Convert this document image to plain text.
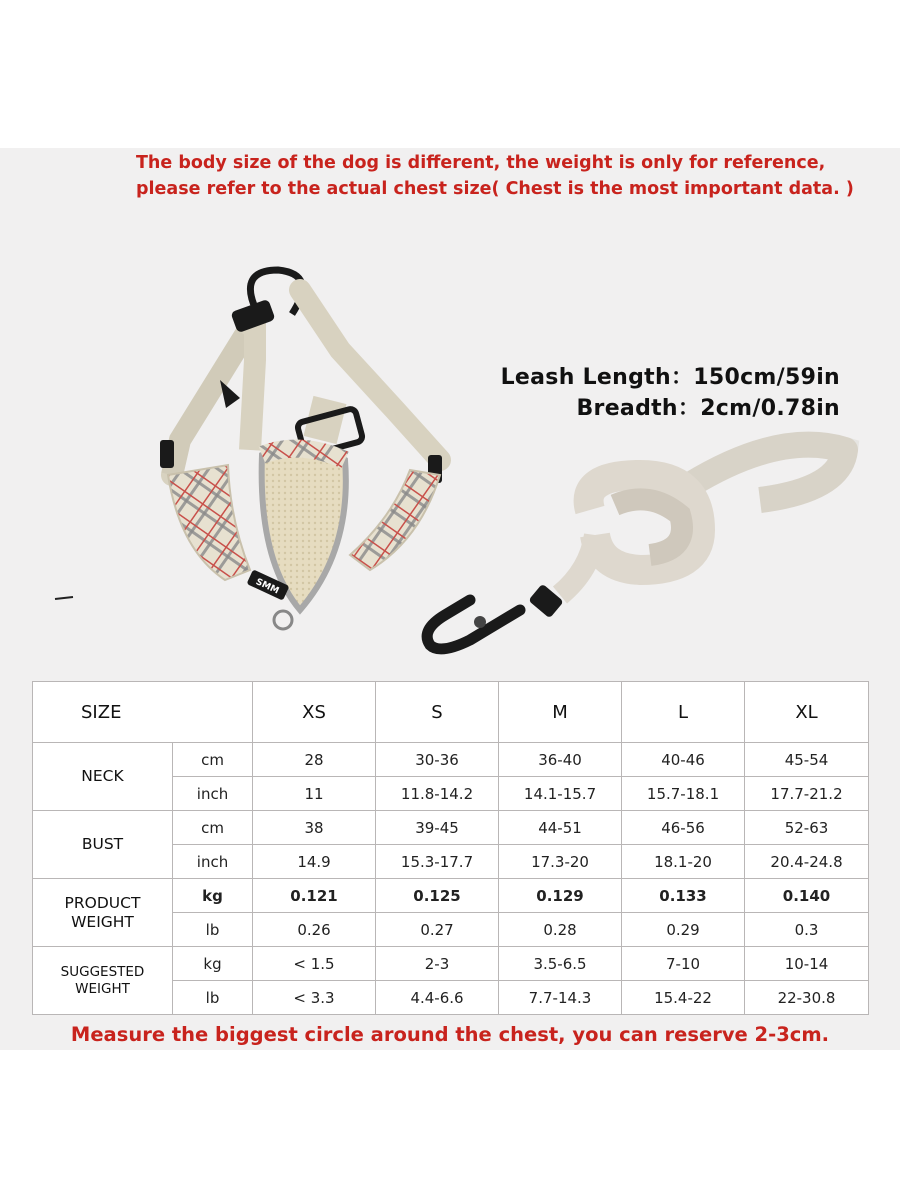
The body size of the dog is different, the weight is only for reference,
please refer to the actual chest size( Chest is the most important data. )
SMM
Leash Length：150cm/59in
Breadth：2cm/0.78in
SIZE		XS	S	M	L	XL
NECK	cm	28	30-36	36-40	40-46	45-54
	inch	11	11.8-14.2	14.1-15.7	15.7-18.1	17.7-21.2
BUST	cm	38	39-45	44-51	46-56	52-63
	inch	14.9	15.3-17.7	17.3-20	18.1-20	20.4-24.8
PRODUCT
WEIGHT	kg	0.121	0.125	0.129	0.133	0.140
	lb	0.26	0.27	0.28	0.29	0.3
SUGGESTED
WEIGHT	kg	< 1.5	2-3	3.5-6.5	7-10	10-14
	lb	< 3.3	4.4-6.6	7.7-14.3	15.4-22	22-30.8
Measure the biggest circle around the chest, you can reserve 2-3cm.
